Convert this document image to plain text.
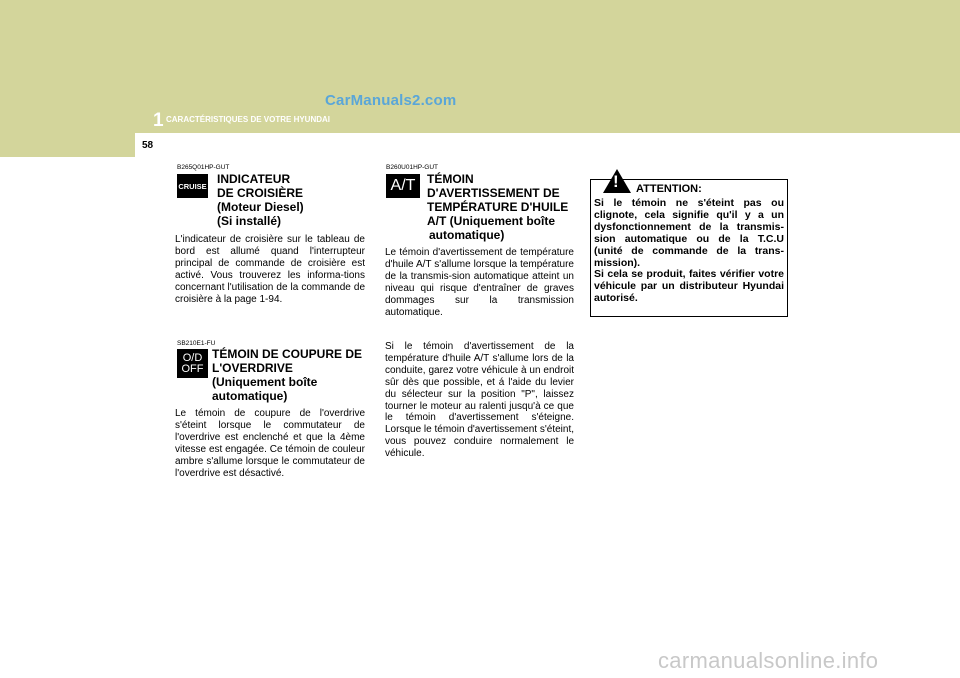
CarManuals2.com
1 CARACTÉRISTIQUES DE VOTRE HYUNDAI
58
B265Q01HP-GUT
CRUISE INDICATEUR
DE CROISIÈRE
(Moteur Diesel)
(Si installé)
L'indicateur de croisière sur le tableau de bord est allumé quand l'interrupteur principal de commande de croisière est activé. Vous trouverez les informa-tions concernant l'utilisation de la commande de croisière à la page 1-94.
SB210E1-FU
O/D
OFF
TÉMOIN DE COUPURE DE
L'OVERDRIVE
(Uniquement boîte
automatique)
Le témoin de coupure de l'overdrive s'éteint lorsque le commutateur de l'overdrive est enclenché et que la 4ème vitesse est engagée. Ce témoin de couleur ambre s'allume lorsque le commutateur de l'overdrive est désactivé.
B260U01HP-GUT
A/T TÉMOIN
D'AVERTISSEMENT DE
TEMPÉRATURE D'HUILE
A/T (Uniquement boîte
automatique)
Le témoin d'avertissement de température d'huile A/T s'allume lorsque la température de la transmis-sion automatique atteint un niveau qui risque d'entraîner de graves dommages sur la transmission automatique.
Si le témoin d'avertissement de la température d'huile A/T s'allume lors de la conduite, garez votre véhicule à un endroit sûr dès que possible, et á l'aide du levier du sélecteur sur la position "P", laissez tourner le moteur au ralenti jusqu'à ce que le témoin d'avertissement s'éteigne. Lorsque le témoin d'avertissement s'éteint, vous pouvez conduire normalement le véhicule.
! ATTENTION:
Si le témoin ne s'éteint pas ou clignote, cela signifie qu'il y a un dysfonctionnement de la transmis-sion automatique ou de la T.C.U (unité de commande de la trans-mission).
Si cela se produit, faites vérifier votre véhicule par un distributeur Hyundai autorisé.
carmanualsonline.info
